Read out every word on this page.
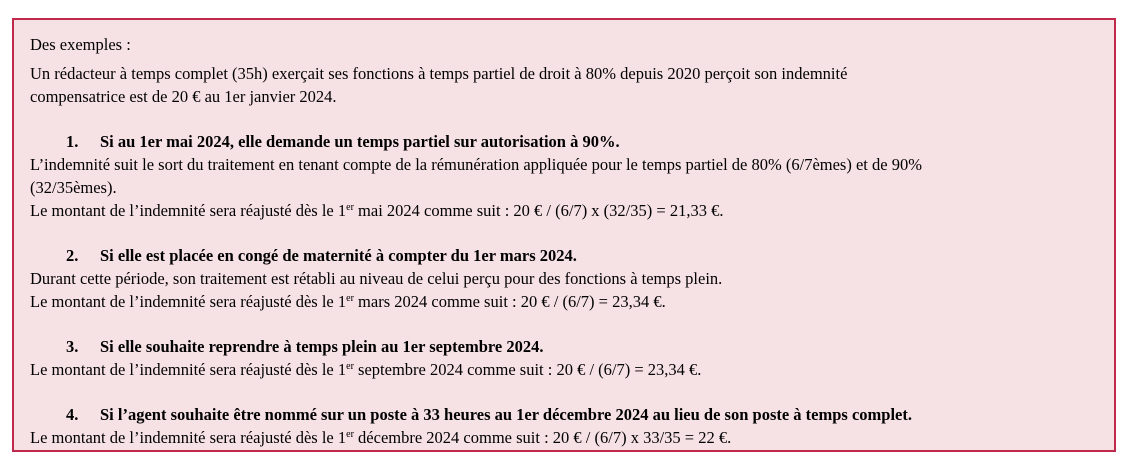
Des exemples :
Un rédacteur à temps complet (35h) exerçait ses fonctions à temps partiel de droit à 80% depuis 2020 perçoit son indemnité
compensatrice est de 20 € au 1er janvier 2024.
1. Si au 1er mai 2024, elle demande un temps partiel sur autorisation à 90%.
L’indemnité suit le sort du traitement en tenant compte de la rémunération appliquée pour le temps partiel de 80% (6/7èmes) et de 90%
(32/35èmes).
Le montant de l’indemnité sera réajusté dès le 1er mai 2024 comme suit : 20 € / (6/7) x (32/35) = 21,33 €.
2. Si elle est placée en congé de maternité à compter du 1er mars 2024.
Durant cette période, son traitement est rétabli au niveau de celui perçu pour des fonctions à temps plein.
Le montant de l’indemnité sera réajusté dès le 1er mars 2024 comme suit : 20 € / (6/7) = 23,34 €.
3. Si elle souhaite reprendre à temps plein au 1er septembre 2024.
Le montant de l’indemnité sera réajusté dès le 1er septembre 2024 comme suit : 20 € / (6/7) = 23,34 €.
4. Si l’agent souhaite être nommé sur un poste à 33 heures au 1er décembre 2024 au lieu de son poste à temps complet.
Le montant de l’indemnité sera réajusté dès le 1er décembre 2024 comme suit : 20 € / (6/7) x 33/35 = 22 €.
